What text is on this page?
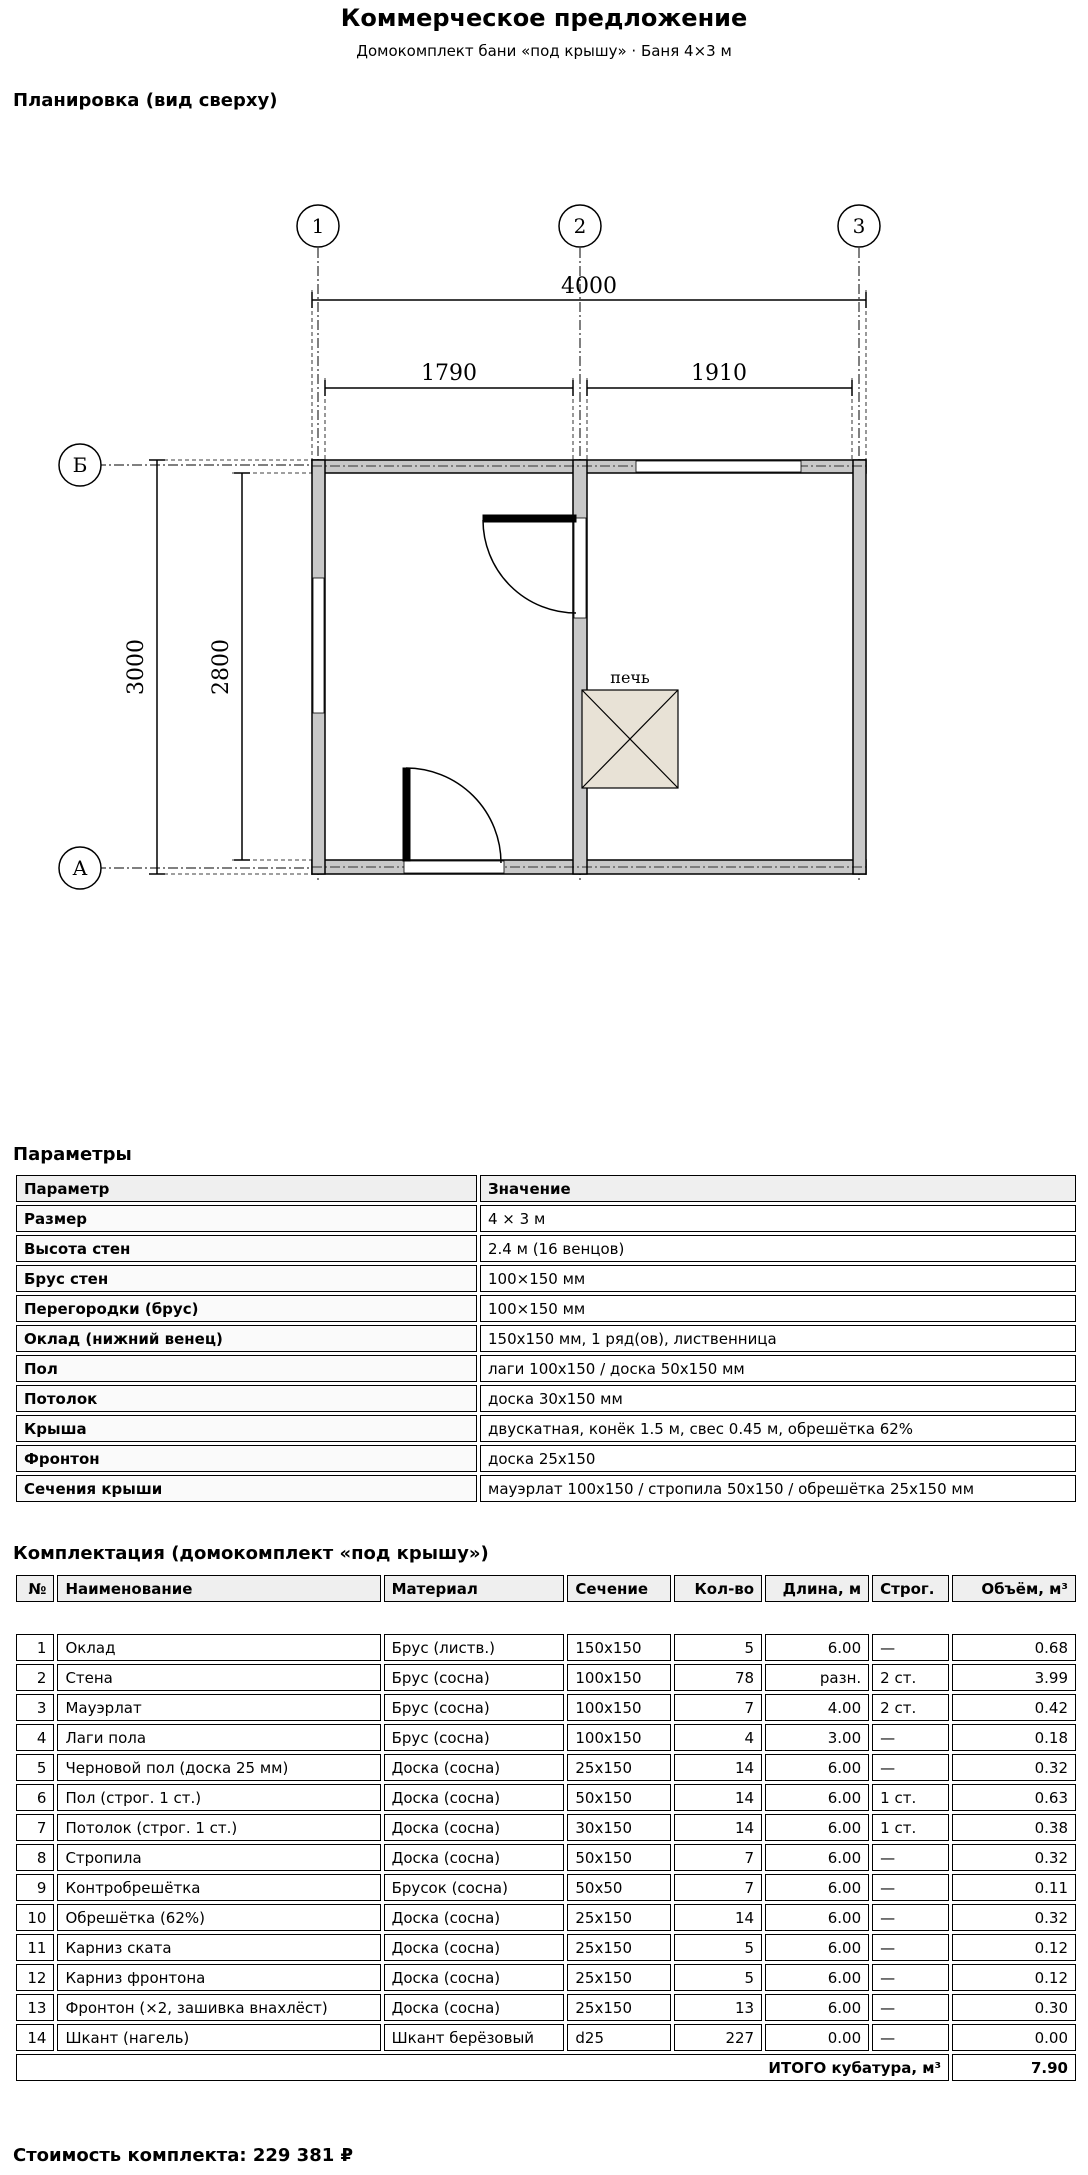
Коммерческое предложение
Домокомплект бани «под крышу» · Баня 4×3 м
Планировка (вид сверху)
1	2	3
Б
А
4000
1790	1910
3000	2800	печь
Параметры
Параметр	Значение
Размер	4 × 3 м
Высота стен	2.4 м (16 венцов)
Брус стен	100×150 мм
Перегородки (брус)	100×150 мм
Оклад (нижний венец)	150x150 мм, 1 ряд(ов), лиственница
Пол	лаги 100x150 / доска 50x150 мм
Потолок	доска 30x150 мм
Крыша	двускатная, конёк 1.5 м, свес 0.45 м, обрешётка 62%
Фронтон	доска 25x150
Сечения крыши	мауэрлат 100x150 / стропила 50x150 / обрешётка 25x150 мм
Комплектация (домокомплект «под крышу»)
№	Наименование	Материал	Сечение	Кол-во	Длина, м	Строг.	Объём, м³

1	Оклад	Брус (листв.)	150x150	5	6.00	—	0.68
2	Стена	Брус (сосна)	100x150	78	разн.	2 ст.	3.99
3	Мауэрлат	Брус (сосна)	100x150	7	4.00	2 ст.	0.42
4	Лаги пола	Брус (сосна)	100x150	4	3.00	—	0.18
5	Черновой пол (доска 25 мм)	Доска (сосна)	25x150	14	6.00	—	0.32
6	Пол (строг. 1 ст.)	Доска (сосна)	50x150	14	6.00	1 ст.	0.63
7	Потолок (строг. 1 ст.)	Доска (сосна)	30x150	14	6.00	1 ст.	0.38
8	Стропила	Доска (сосна)	50x150	7	6.00	—	0.32
9	Контробрешётка	Брусок (сосна)	50x50	7	6.00	—	0.11
10	Обрешётка (62%)	Доска (сосна)	25x150	14	6.00	—	0.32
11	Карниз ската	Доска (сосна)	25x150	5	6.00	—	0.12
12	Карниз фронтона	Доска (сосна)	25x150	5	6.00	—	0.12
13	Фронтон (×2, зашивка внахлёст)	Доска (сосна)	25x150	13	6.00	—	0.30
14	Шкант (нагель)	Шкант берёзовый	d25	227	0.00	—	0.00
ИТОГО кубатура, м³							7.90
Стоимость комплекта: 229 381 ₽
